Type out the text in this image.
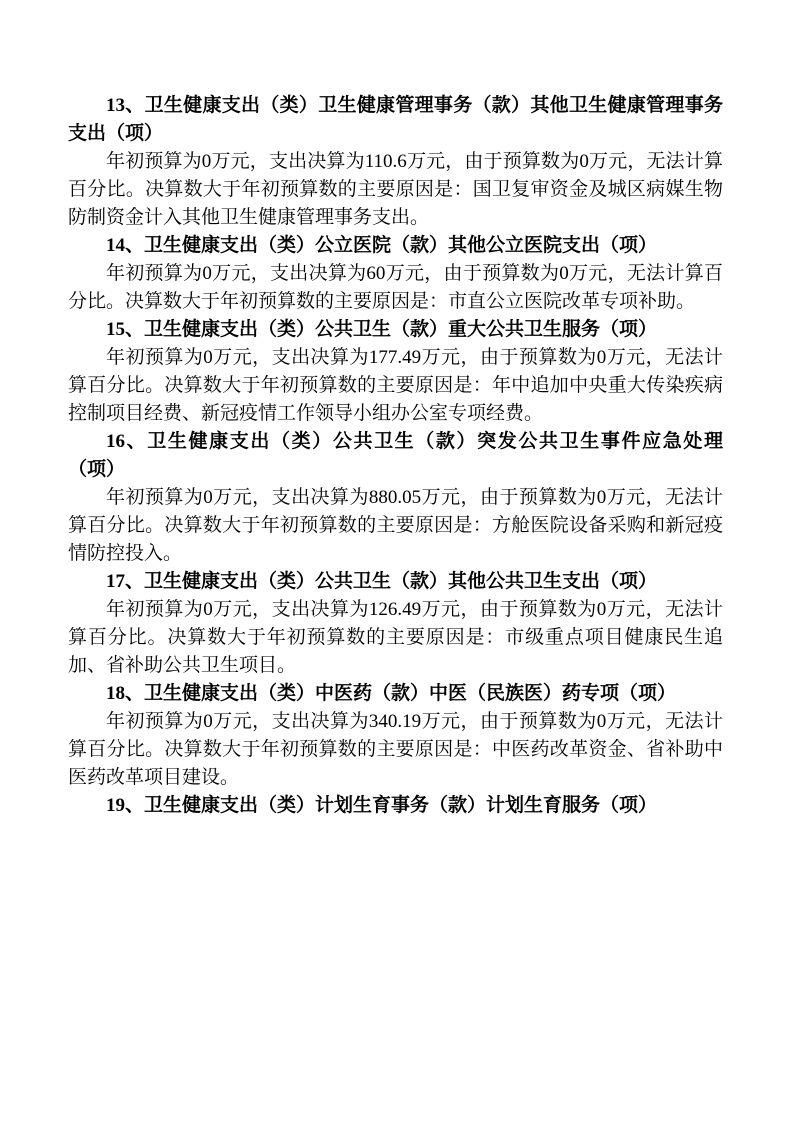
13、卫生健康支出（类）卫生健康管理事务（款）其他卫生健康管理事务支出（项）

年初预算为0万元，支出决算为110.6万元，由于预算数为0万元，无法计算百分比。决算数大于年初预算数的主要原因是：国卫复审资金及城区病媒生物防制资金计入其他卫生健康管理事务支出。

14、卫生健康支出（类）公立医院（款）其他公立医院支出（项）

年初预算为0万元，支出决算为60万元，由于预算数为0万元，无法计算百分比。决算数大于年初预算数的主要原因是：市直公立医院改革专项补助。

15、卫生健康支出（类）公共卫生（款）重大公共卫生服务（项）

年初预算为0万元，支出决算为177.49万元，由于预算数为0万元，无法计算百分比。决算数大于年初预算数的主要原因是：年中追加中央重大传染疾病控制项目经费、新冠疫情工作领导小组办公室专项经费。

16、卫生健康支出（类）公共卫生（款）突发公共卫生事件应急处理（项）

年初预算为0万元，支出决算为880.05万元，由于预算数为0万元，无法计算百分比。决算数大于年初预算数的主要原因是：方舱医院设备采购和新冠疫情防控投入。

17、卫生健康支出（类）公共卫生（款）其他公共卫生支出（项）

年初预算为0万元，支出决算为126.49万元，由于预算数为0万元，无法计算百分比。决算数大于年初预算数的主要原因是：市级重点项目健康民生追加、省补助公共卫生项目。

18、卫生健康支出（类）中医药（款）中医（民族医）药专项（项）

年初预算为0万元，支出决算为340.19万元，由于预算数为0万元，无法计算百分比。决算数大于年初预算数的主要原因是：中医药改革资金、省补助中医药改革项目建设。

19、卫生健康支出（类）计划生育事务（款）计划生育服务（项）
